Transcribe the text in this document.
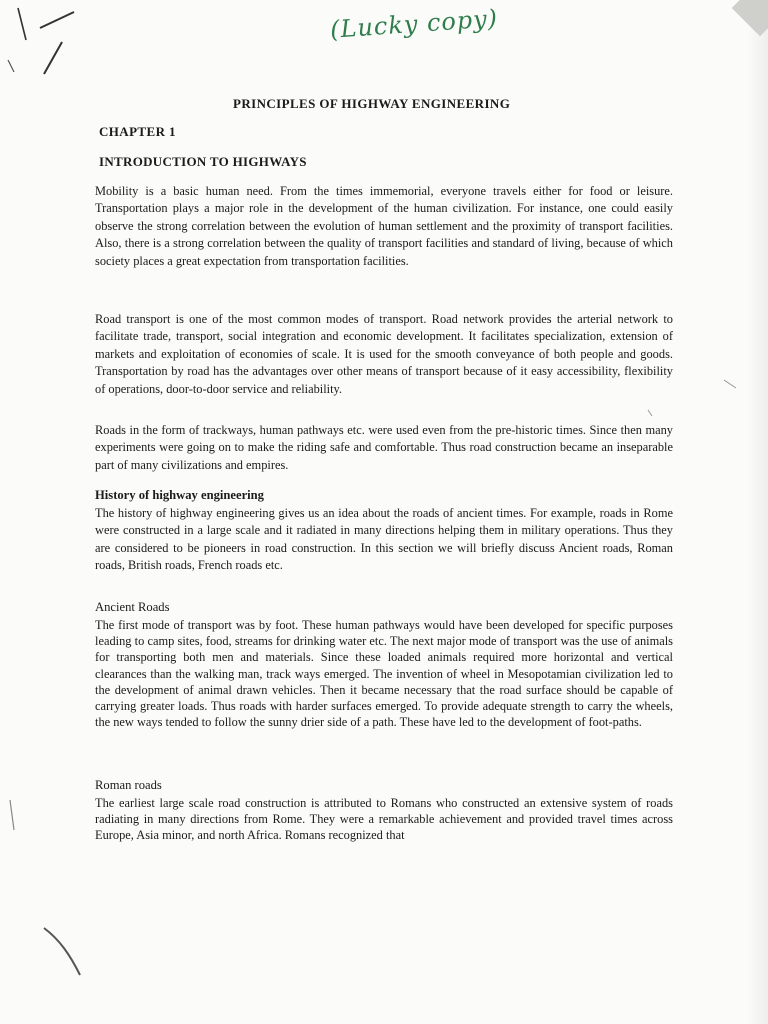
(Lucky copy)
PRINCIPLES OF HIGHWAY ENGINEERING
CHAPTER 1
INTRODUCTION TO HIGHWAYS

Mobility is a basic human need. From the times immemorial, everyone travels either for food or leisure. Transportation plays a major role in the development of the human civilization. For instance, one could easily observe the strong correlation between the evolution of human settlement and the proximity of transport facilities. Also, there is a strong correlation between the quality of transport facilities and standard of living, because of which society places a great expectation from transportation facilities.

Road transport is one of the most common modes of transport. Road network provides the arterial network to facilitate trade, transport, social integration and economic development. It facilitates specialization, extension of markets and exploitation of economies of scale. It is used for the smooth conveyance of both people and goods. Transportation by road has the advantages over other means of transport because of it easy accessibility, flexibility of operations, door-to-door service and reliability.

Roads in the form of trackways, human pathways etc. were used even from the pre-historic times. Since then many experiments were going on to make the riding safe and comfortable. Thus road construction became an inseparable part of many civilizations and empires.

History of highway engineering

The history of highway engineering gives us an idea about the roads of ancient times. For example, roads in Rome were constructed in a large scale and it radiated in many directions helping them in military operations. Thus they are considered to be pioneers in road construction. In this section we will briefly discuss Ancient roads, Roman roads, British roads, French roads etc.

Ancient Roads

The first mode of transport was by foot. These human pathways would have been developed for specific purposes leading to camp sites, food, streams for drinking water etc. The next major mode of transport was the use of animals for transporting both men and materials. Since these loaded animals required more horizontal and vertical clearances than the walking man, track ways emerged. The invention of wheel in Mesopotamian civilization led to the development of animal drawn vehicles. Then it became necessary that the road surface should be capable of carrying greater loads. Thus roads with harder surfaces emerged. To provide adequate strength to carry the wheels, the new ways tended to follow the sunny drier side of a path. These have led to the development of foot-paths.

Roman roads

The earliest large scale road construction is attributed to Romans who constructed an extensive system of roads radiating in many directions from Rome. They were a remarkable achievement and provided travel times across Europe, Asia minor, and north Africa. Romans recognized that
